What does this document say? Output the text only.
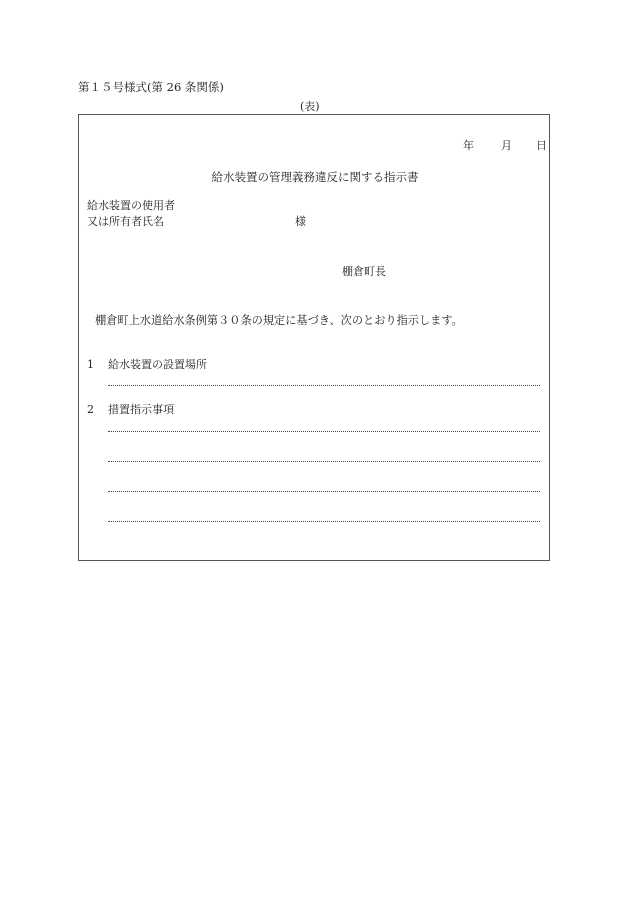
第１５号様式(第 26 条関係)
(表)
年 月 日
給水装置の管理義務違反に関する指示書
給水装置の使用者
又は所有者氏名	様
棚倉町長
棚倉町上水道給水条例第３０条の規定に基づき、次のとおり指示します。
1 給水装置の設置場所
2 措置指示事項
